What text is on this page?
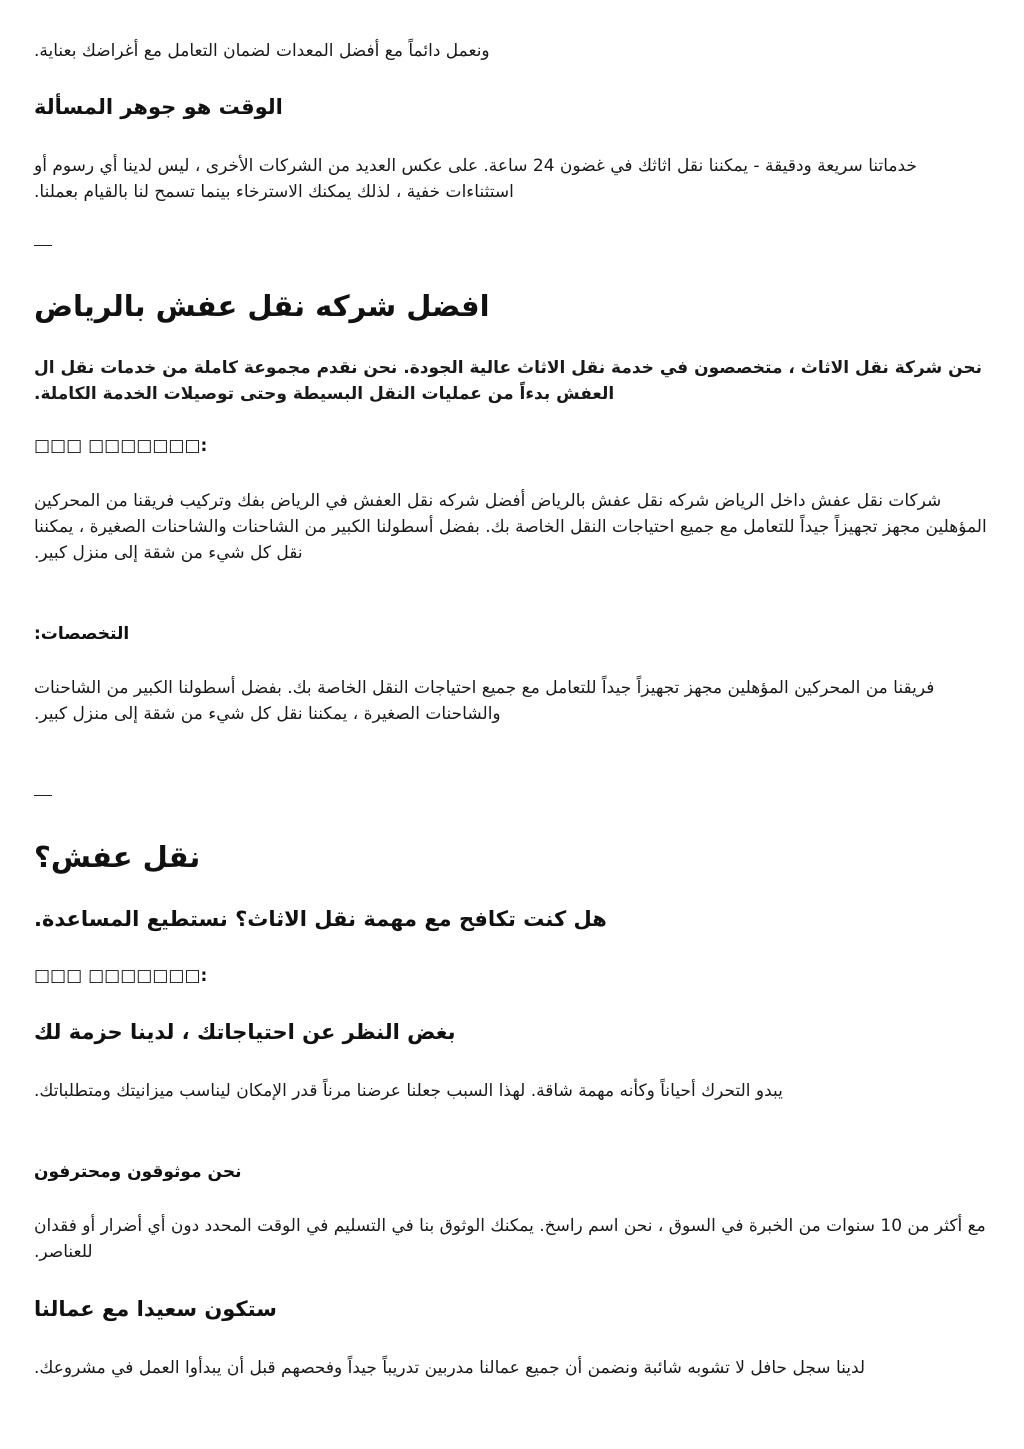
ونعمل دائماً مع أفضل المعدات لضمان التعامل مع أغراضك بعناية.

الوقت هو جوهر المسألة

خدماتنا سريعة ودقيقة - يمكننا نقل اثاثك في غضون 24 ساعة. على عكس العديد من الشركات الأخرى ، ليس لدينا أي رسوم أو استثناءات خفية ، لذلك يمكنك الاسترخاء بينما تسمح لنا بالقيام بعملنا.

افضل شركه نقل عفش بالرياض

نحن شركة نقل الاثاث ، متخصصون في خدمة نقل الاثاث عالية الجودة. نحن نقدم مجموعة كاملة من خدمات نقل ال العفش بدءاً من عمليات النقل البسيطة وحتى توصيلات الخدمة الكاملة.

□□□ □□□□□□□:

شركات نقل عفش داخل الرياض شركه نقل عفش بالرياض أفضل شركه نقل العفش في الرياض بفك وتركيب فريقنا من المحركين المؤهلين مجهز تجهيزاً جيداً للتعامل مع جميع احتياجات النقل الخاصة بك. بفضل أسطولنا الكبير من الشاحنات والشاحنات الصغيرة ، يمكننا نقل كل شيء من شقة إلى منزل كبير.

التخصصات:

فريقنا من المحركين المؤهلين مجهز تجهيزاً جيداً للتعامل مع جميع احتياجات النقل الخاصة بك. بفضل أسطولنا الكبير من الشاحنات والشاحنات الصغيرة ، يمكننا نقل كل شيء من شقة إلى منزل كبير.

نقل عفش؟
هل كنت تكافح مع مهمة نقل الاثاث؟ نستطيع المساعدة.

□□□ □□□□□□□:

بغض النظر عن احتياجاتك ، لدينا حزمة لك

يبدو التحرك أحياناً وكأنه مهمة شاقة. لهذا السبب جعلنا عرضنا مرناً قدر الإمكان ليناسب ميزانيتك ومتطلباتك.

نحن موثوقون ومحترفون

مع أكثر من 10 سنوات من الخبرة في السوق ، نحن اسم راسخ. يمكنك الوثوق بنا في التسليم في الوقت المحدد دون أي أضرار أو فقدان للعناصر.

ستكون سعيدا مع عمالنا

لدينا سجل حافل لا تشوبه شائبة ونضمن أن جميع عمالنا مدربين تدريباً جيداً وفحصهم قبل أن يبدأوا العمل في مشروعك.
